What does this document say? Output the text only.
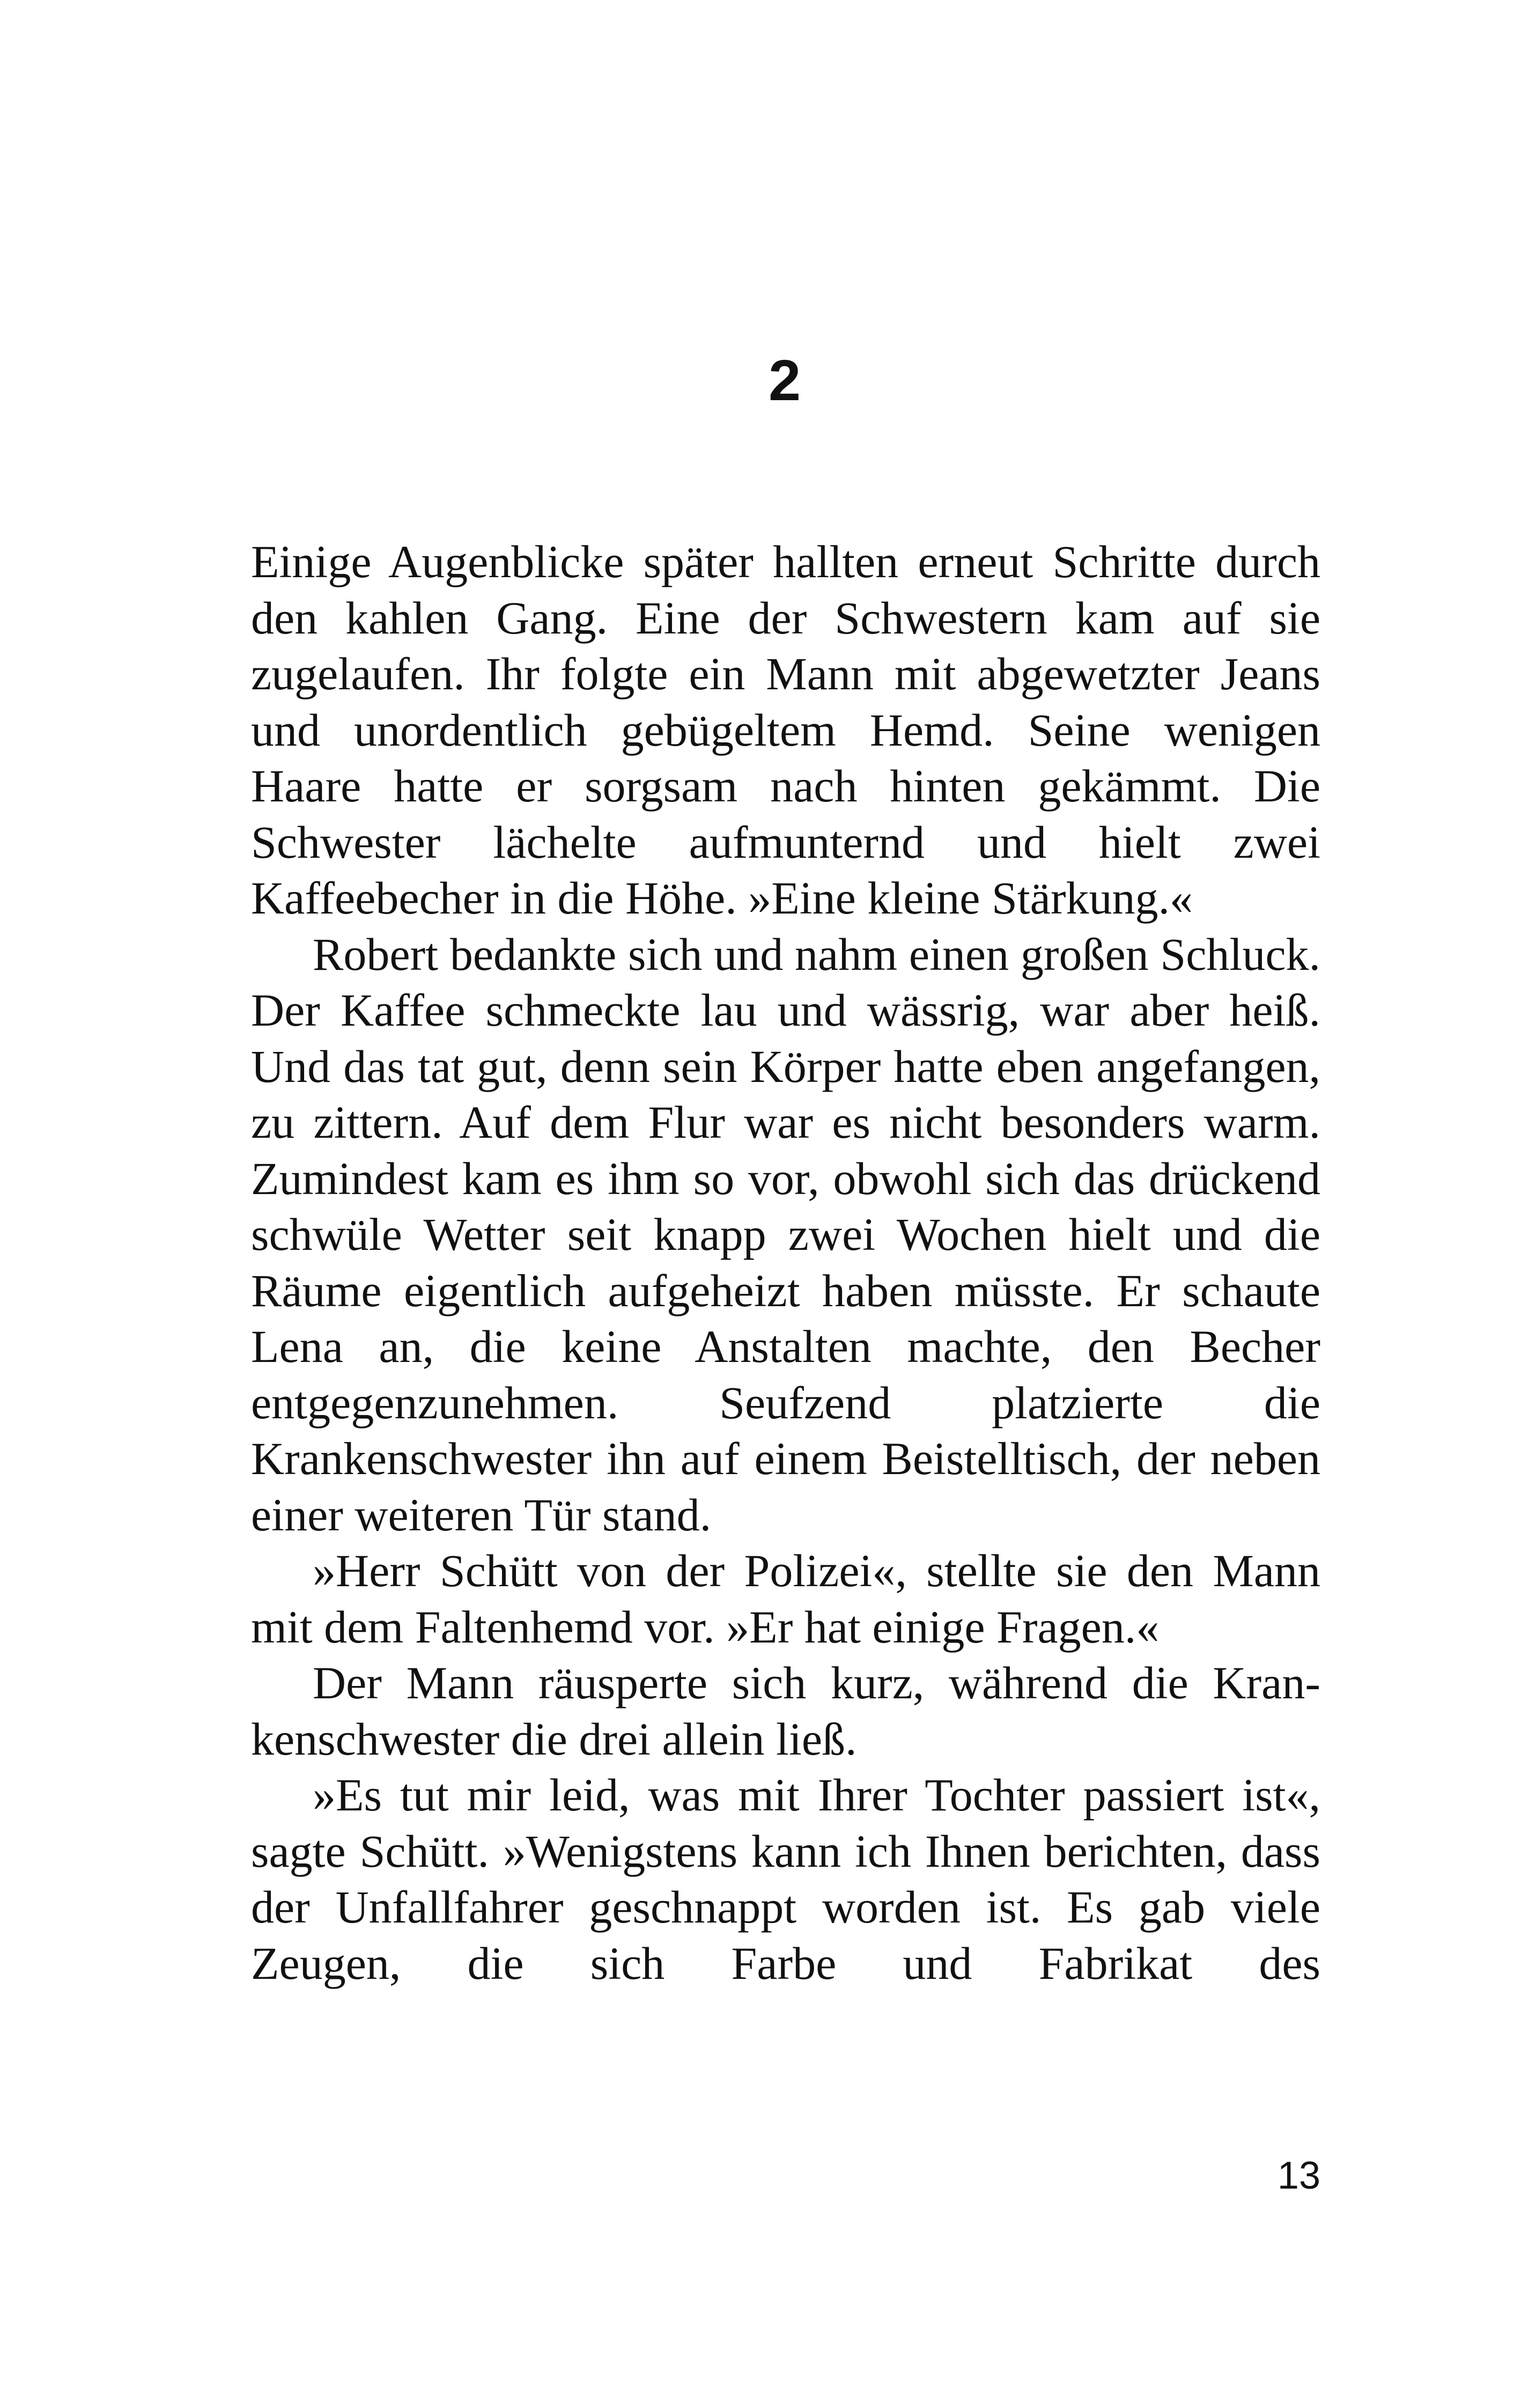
2

Einige Augenblicke später hallten erneut Schritte durch den kahlen Gang. Eine der Schwestern kam auf sie zugelaufen. Ihr folgte ein Mann mit abgewetzter Jeans und unordentlich gebügeltem Hemd. Seine wenigen Haare hatte er sorgsam nach hinten gekämmt. Die Schwester lächelte aufmunternd und hielt zwei Kaffeebecher in die Höhe. »Eine kleine Stärkung.«

Robert bedankte sich und nahm einen großen Schluck. Der Kaffee schmeckte lau und wässrig, war aber heiß. Und das tat gut, denn sein Körper hatte eben angefangen, zu zittern. Auf dem Flur war es nicht besonders warm. Zumindest kam es ihm so vor, obwohl sich das drückend schwüle Wetter seit knapp zwei Wochen hielt und die Räume eigentlich aufgeheizt haben müsste. Er schaute Lena an, die keine Anstalten machte, den Becher entgegenzunehmen. Seufzend platzierte die Krankenschwester ihn auf einem Beistelltisch, der neben einer weiteren Tür stand.

»Herr Schütt von der Polizei«, stellte sie den Mann mit dem Faltenhemd vor. »Er hat einige Fragen.«

Der Mann räusperte sich kurz, während die Krankenschwester die drei allein ließ.

»Es tut mir leid, was mit Ihrer Tochter passiert ist«, sagte Schütt. »Wenigstens kann ich Ihnen berichten, dass der Unfallfahrer geschnappt worden ist. Es gab viele Zeugen, die sich Farbe und Fabrikat des

13
